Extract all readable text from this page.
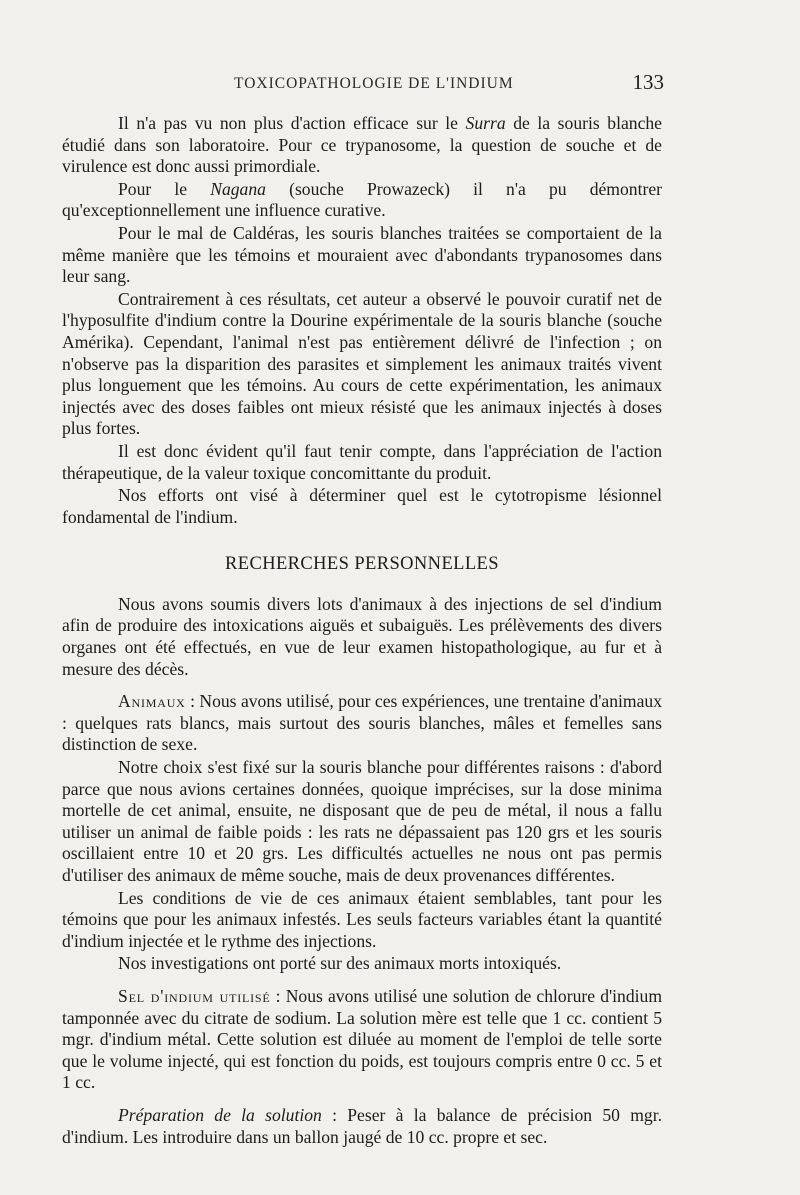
TOXICOPATHOLOGIE DE L'INDIUM	133

Il n'a pas vu non plus d'action efficace sur le Surra de la souris blanche étudié dans son laboratoire. Pour ce trypanosome, la question de souche et de virulence est donc aussi primordiale.

Pour le Nagana (souche Prowazeck) il n'a pu démontrer qu'exceptionnellement une influence curative.

Pour le mal de Caldéras, les souris blanches traitées se comportaient de la même manière que les témoins et mouraient avec d'abondants trypanosomes dans leur sang.

Contrairement à ces résultats, cet auteur a observé le pouvoir curatif net de l'hyposulfite d'indium contre la Dourine expérimentale de la souris blanche (souche Amérika). Cependant, l'animal n'est pas entièrement délivré de l'infection ; on n'observe pas la disparition des parasites et simplement les animaux traités vivent plus longuement que les témoins. Au cours de cette expérimentation, les animaux injectés avec des doses faibles ont mieux résisté que les animaux injectés à doses plus fortes.

Il est donc évident qu'il faut tenir compte, dans l'appréciation de l'action thérapeutique, de la valeur toxique concomittante du produit.

Nos efforts ont visé à déterminer quel est le cytotropisme lésionnel fondamental de l'indium.

RECHERCHES PERSONNELLES

Nous avons soumis divers lots d'animaux à des injections de sel d'indium afin de produire des intoxications aiguës et subaiguës. Les prélèvements des divers organes ont été effectués, en vue de leur examen histopathologique, au fur et à mesure des décès.

Animaux : Nous avons utilisé, pour ces expériences, une trentaine d'animaux : quelques rats blancs, mais surtout des souris blanches, mâles et femelles sans distinction de sexe.

Notre choix s'est fixé sur la souris blanche pour différentes raisons : d'abord parce que nous avions certaines données, quoique imprécises, sur la dose minima mortelle de cet animal, ensuite, ne disposant que de peu de métal, il nous a fallu utiliser un animal de faible poids : les rats ne dépassaient pas 120 grs et les souris oscillaient entre 10 et 20 grs. Les difficultés actuelles ne nous ont pas permis d'utiliser des animaux de même souche, mais de deux provenances différentes.

Les conditions de vie de ces animaux étaient semblables, tant pour les témoins que pour les animaux infestés. Les seuls facteurs variables étant la quantité d'indium injectée et le rythme des injections.

Nos investigations ont porté sur des animaux morts intoxiqués.

Sel d'indium utilisé : Nous avons utilisé une solution de chlorure d'indium tamponnée avec du citrate de sodium. La solution mère est telle que 1 cc. contient 5 mgr. d'indium métal. Cette solution est diluée au moment de l'emploi de telle sorte que le volume injecté, qui est fonction du poids, est toujours compris entre 0 cc. 5 et 1 cc.

Préparation de la solution : Peser à la balance de précision 50 mgr. d'indium. Les introduire dans un ballon jaugé de 10 cc. propre et sec.
